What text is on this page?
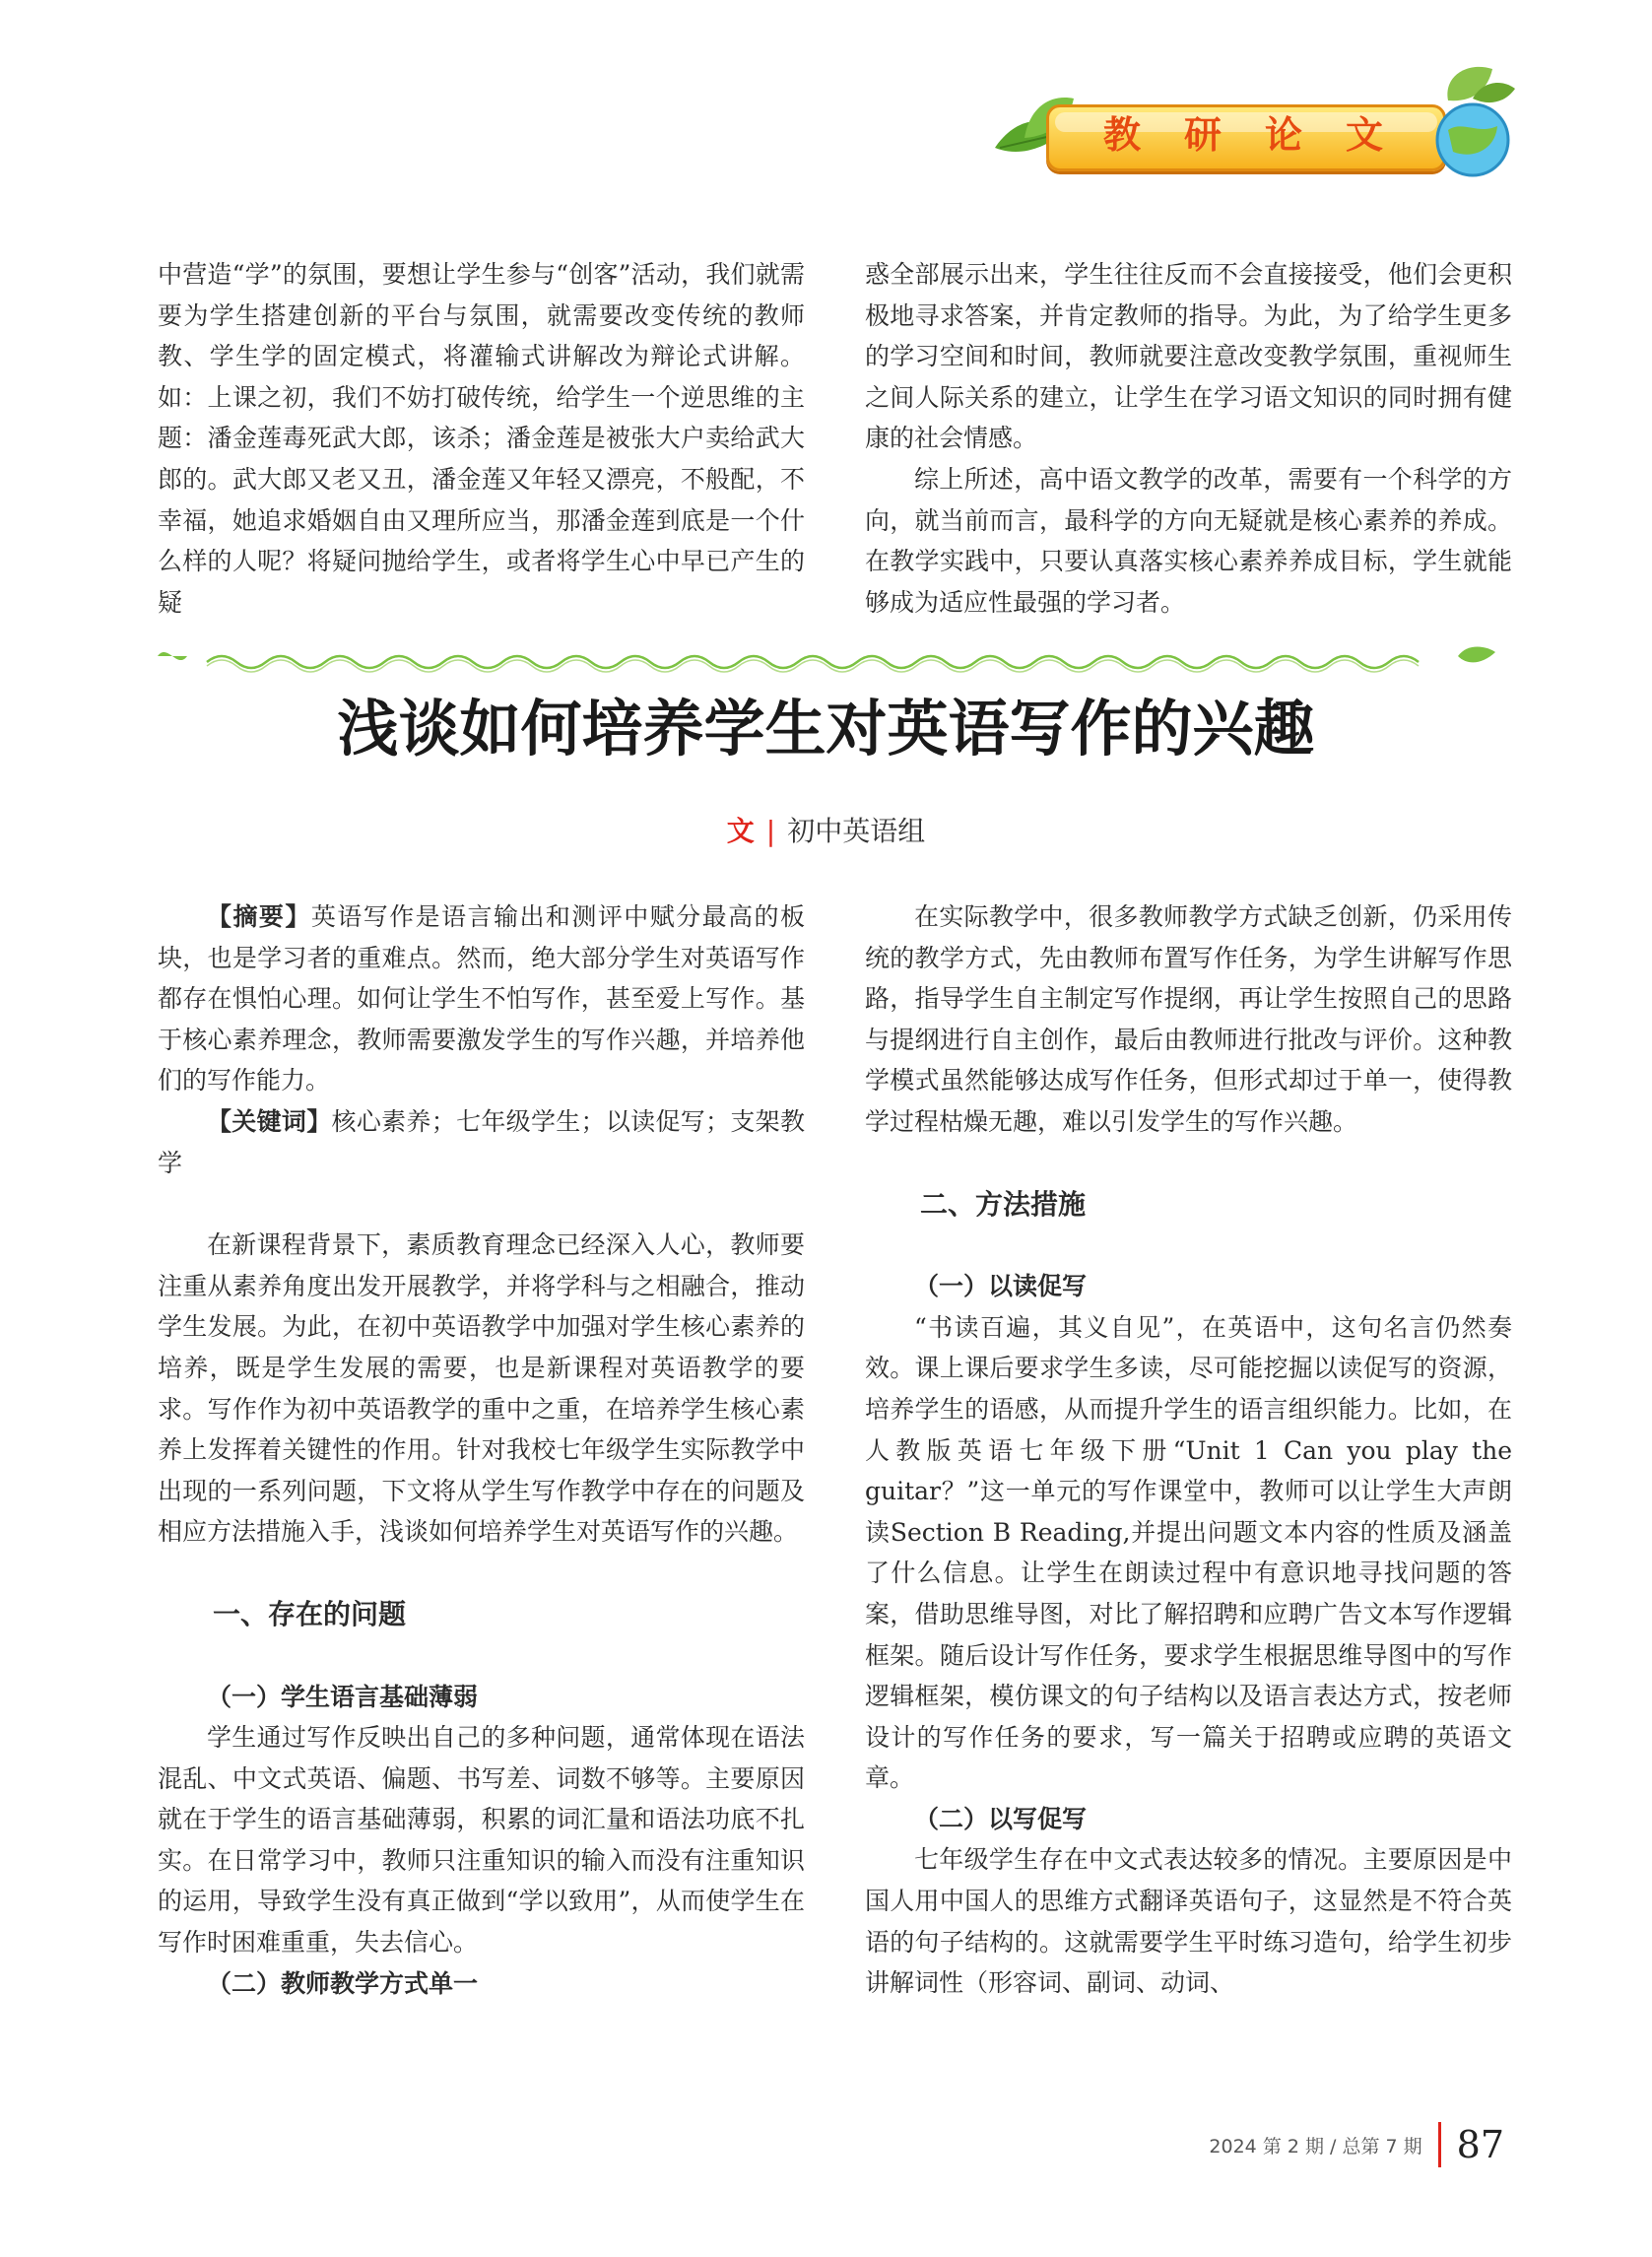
教研论文

中营造“学”的氛围，要想让学生参与“创客”活动，我们就需要为学生搭建创新的平台与氛围，就需要改变传统的教师教、学生学的固定模式，将灌输式讲解改为辩论式讲解。如：上课之初，我们不妨打破传统，给学生一个逆思维的主题：潘金莲毒死武大郎，该杀；潘金莲是被张大户卖给武大郎的。武大郎又老又丑，潘金莲又年轻又漂亮，不般配，不幸福，她追求婚姻自由又理所应当，那潘金莲到底是一个什么样的人呢？将疑问抛给学生，或者将学生心中早已产生的疑

惑全部展示出来，学生往往反而不会直接接受，他们会更积极地寻求答案，并肯定教师的指导。为此，为了给学生更多的学习空间和时间，教师就要注意改变教学氛围，重视师生之间人际关系的建立，让学生在学习语文知识的同时拥有健康的社会情感。

综上所述，高中语文教学的改革，需要有一个科学的方向，就当前而言，最科学的方向无疑就是核心素养的养成。在教学实践中，只要认真落实核心素养养成目标，学生就能够成为适应性最强的学习者。

浅谈如何培养学生对英语写作的兴趣
文 | 初中英语组

【摘要】英语写作是语言输出和测评中赋分最高的板块，也是学习者的重难点。然而，绝大部分学生对英语写作都存在惧怕心理。如何让学生不怕写作，甚至爱上写作。基于核心素养理念，教师需要激发学生的写作兴趣，并培养他们的写作能力。

【关键词】核心素养；七年级学生；以读促写；支架教学

在新课程背景下，素质教育理念已经深入人心，教师要注重从素养角度出发开展教学，并将学科与之相融合，推动学生发展。为此，在初中英语教学中加强对学生核心素养的培养，既是学生发展的需要，也是新课程对英语教学的要求。写作作为初中英语教学的重中之重，在培养学生核心素养上发挥着关键性的作用。针对我校七年级学生实际教学中出现的一系列问题，下文将从学生写作教学中存在的问题及相应方法措施入手，浅谈如何培养学生对英语写作的兴趣。

一、存在的问题
（一）学生语言基础薄弱

学生通过写作反映出自己的多种问题，通常体现在语法混乱、中文式英语、偏题、书写差、词数不够等。主要原因就在于学生的语言基础薄弱，积累的词汇量和语法功底不扎实。在日常学习中，教师只注重知识的输入而没有注重知识的运用，导致学生没有真正做到“学以致用”，从而使学生在写作时困难重重，失去信心。

（二）教师教学方式单一

在实际教学中，很多教师教学方式缺乏创新，仍采用传统的教学方式，先由教师布置写作任务，为学生讲解写作思路，指导学生自主制定写作提纲，再让学生按照自己的思路与提纲进行自主创作，最后由教师进行批改与评价。这种教学模式虽然能够达成写作任务，但形式却过于单一，使得教学过程枯燥无趣，难以引发学生的写作兴趣。

二、方法措施
（一）以读促写

“书读百遍，其义自见”，在英语中，这句名言仍然奏效。课上课后要求学生多读，尽可能挖掘以读促写的资源，培养学生的语感，从而提升学生的语言组织能力。比如，在人教版英语七年级下册“Unit 1 Can you play the guitar？”这一单元的写作课堂中，教师可以让学生大声朗读Section B Reading,并提出问题文本内容的性质及涵盖了什么信息。让学生在朗读过程中有意识地寻找问题的答案，借助思维导图，对比了解招聘和应聘广告文本写作逻辑框架。随后设计写作任务，要求学生根据思维导图中的写作逻辑框架，模仿课文的句子结构以及语言表达方式，按老师设计的写作任务的要求，写一篇关于招聘或应聘的英语文章。

（二）以写促写

七年级学生存在中文式表达较多的情况。主要原因是中国人用中国人的思维方式翻译英语句子，这显然是不符合英语的句子结构的。这就需要学生平时练习造句，给学生初步讲解词性（形容词、副词、动词、

2024 第 2 期 / 总第 7 期 87
